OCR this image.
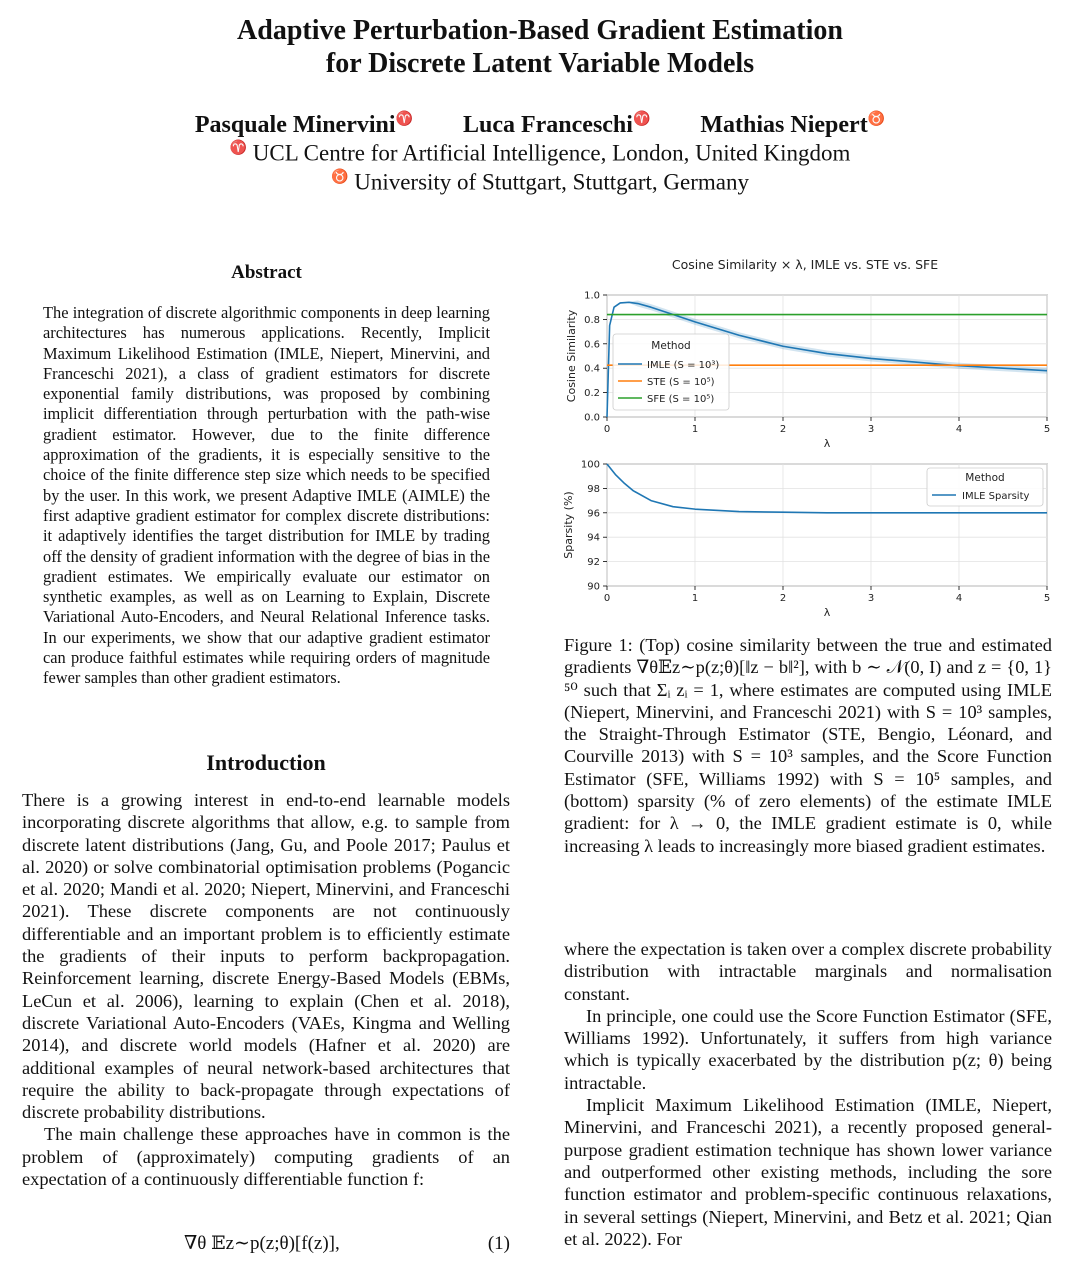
Adaptive Perturbation-Based Gradient Estimation
for Discrete Latent Variable Models
Pasquale Minervini♈ Luca Franceschi♈ Mathias Niepert♉
♈ UCL Centre for Artificial Intelligence, London, United Kingdom
♉ University of Stuttgart, Stuttgart, Germany
Abstract
The integration of discrete algorithmic components in deep learning architectures has numerous applications. Recently, Implicit Maximum Likelihood Estimation (IMLE, Niepert, Minervini, and Franceschi 2021), a class of gradient estimators for discrete exponential family distributions, was proposed by combining implicit differentiation through perturbation with the path-wise gradient estimator. However, due to the finite difference approximation of the gradients, it is especially sensitive to the choice of the finite difference step size which needs to be specified by the user. In this work, we present Adaptive IMLE (AIMLE) the first adaptive gradient estimator for complex discrete distributions: it adaptively identifies the target distribution for IMLE by trading off the density of gradient information with the degree of bias in the gradient estimates. We empirically evaluate our estimator on synthetic examples, as well as on Learning to Explain, Discrete Variational Auto-Encoders, and Neural Relational Inference tasks. In our experiments, we show that our adaptive gradient estimator can produce faithful estimates while requiring orders of magnitude fewer samples than other gradient estimators.
Introduction

There is a growing interest in end-to-end learnable models incorporating discrete algorithms that allow, e.g. to sample from discrete latent distributions (Jang, Gu, and Poole 2017; Paulus et al. 2020) or solve combinatorial optimisation problems (Pogancic et al. 2020; Mandi et al. 2020; Niepert, Minervini, and Franceschi 2021). These discrete components are not continuously differentiable and an important problem is to efficiently estimate the gradients of their inputs to perform backpropagation. Reinforcement learning, discrete Energy-Based Models (EBMs, LeCun et al. 2006), learning to explain (Chen et al. 2018), discrete Variational Auto-Encoders (VAEs, Kingma and Welling 2014), and discrete world models (Hafner et al. 2020) are additional examples of neural network-based architectures that require the ability to back-propagate through expectations of discrete probability distributions.

The main challenge these approaches have in common is the problem of (approximately) computing gradients of an expectation of a continuously differentiable function f:

∇θ 𝔼z∼p(z;θ)[f(z)],	(1)
Cosine Similarity × λ, IMLE vs. STE vs. SFE
0	1	2	3	4	5
0.0
0.2
0.4
0.6
0.8
1.0
λ
Cosine Similarity	Method
IMLE (S = 10³)
STE (S = 10⁵)
SFE (S = 10⁵)
0	1	2	3	4	5
90
92
94
96
98
100
λ
Sparsity (%)
Method
IMLE Sparsity
Figure 1: (Top) cosine similarity between the true and estimated gradients ∇θ𝔼z∼p(z;θ)[‖z − b‖²], with b ∼ 𝒩(0, I) and z = {0, 1}⁵⁰ such that Σᵢ zᵢ = 1, where estimates are computed using IMLE (Niepert, Minervini, and Franceschi 2021) with S = 10³ samples, the Straight-Through Estimator (STE, Bengio, Léonard, and Courville 2013) with S = 10³ samples, and the Score Function Estimator (SFE, Williams 1992) with S = 10⁵ samples, and (bottom) sparsity (% of zero elements) of the estimate IMLE gradient: for λ → 0, the IMLE gradient estimate is 0, while increasing λ leads to increasingly more biased gradient estimates.

where the expectation is taken over a complex discrete probability distribution with intractable marginals and normalisation constant.

In principle, one could use the Score Function Estimator (SFE, Williams 1992). Unfortunately, it suffers from high variance which is typically exacerbated by the distribution p(z; θ) being intractable.

Implicit Maximum Likelihood Estimation (IMLE, Niepert, Minervini, and Franceschi 2021), a recently proposed general-purpose gradient estimation technique has shown lower variance and outperformed other existing methods, including the sore function estimator and problem-specific continuous relaxations, in several settings (Niepert, Minervini, and Betz et al. 2021; Qian et al. 2022). For
